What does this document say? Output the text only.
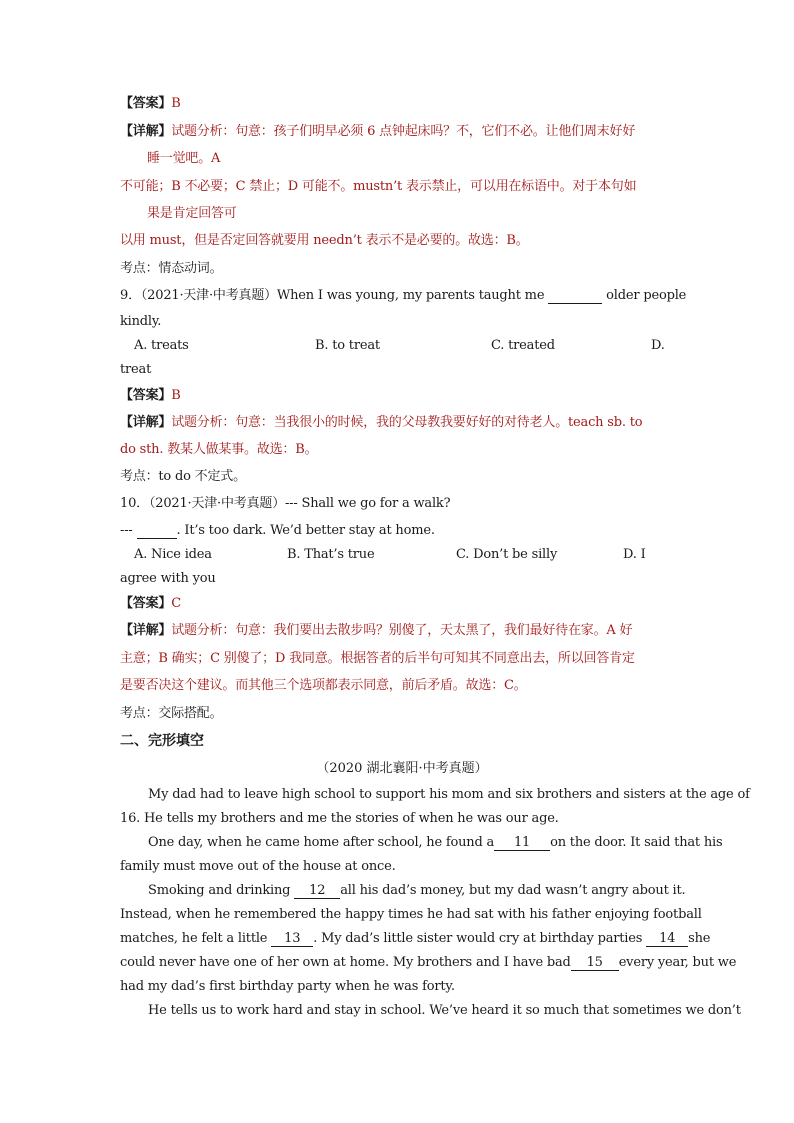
【答案】B
【详解】试题分析：句意：孩子们明早必须 6 点钟起床吗？不，它们不必。让他们周末好好
睡一觉吧。A
不可能；B 不必要；C 禁止；D 可能不。mustn’t 表示禁止，可以用在标语中。对于本句如
果是肯定回答可
以用 must，但是否定回答就要用 needn’t 表示不是必要的。故选：B。
考点：情态动词。
9．（2021·天津·中考真题）When I was young, my parents taught me	older people
kindly.
A. treats	B. to treat	C. treated	D.
treat
【答案】B
【详解】试题分析：句意：当我很小的时候，我的父母教我要好好的对待老人。teach sb. to
do sth. 教某人做某事。故选：B。
考点：to do 不定式。
10．（2021·天津·中考真题）--- Shall we go for a walk?
---	. It’s too dark. We’d better stay at home.
A. Nice idea	B. That’s true	C. Don’t be silly	D. I
agree with you
【答案】C
【详解】试题分析：句意：我们要出去散步吗？别傻了，天太黑了，我们最好待在家。A 好
主意；B 确实；C 别傻了；D 我同意。根据答者的后半句可知其不同意出去，所以回答肯定
是要否决这个建议。而其他三个选项都表示同意，前后矛盾。故选：C。
考点：交际搭配。
二、完形填空
（2020 湖北襄阳·中考真题）
My dad had to leave high school to support his mom and six brothers and sisters at the age of
16. He tells my brothers and me the stories of when he was our age.
One day, when he came home after school, he found a 11 on the door. It said that his
family must move out of the house at once.
Smoking and drinking 12 all his dad’s money, but my dad wasn’t angry about it.
Instead, when he remembered the happy times he had sat with his father enjoying football
matches, he felt a little 13 . My dad’s little sister would cry at birthday parties 14 she
could never have one of her own at home. My brothers and I have bad 15 every year, but we
had my dad’s first birthday party when he was forty.
He tells us to work hard and stay in school. We’ve heard it so much that sometimes we don’t
